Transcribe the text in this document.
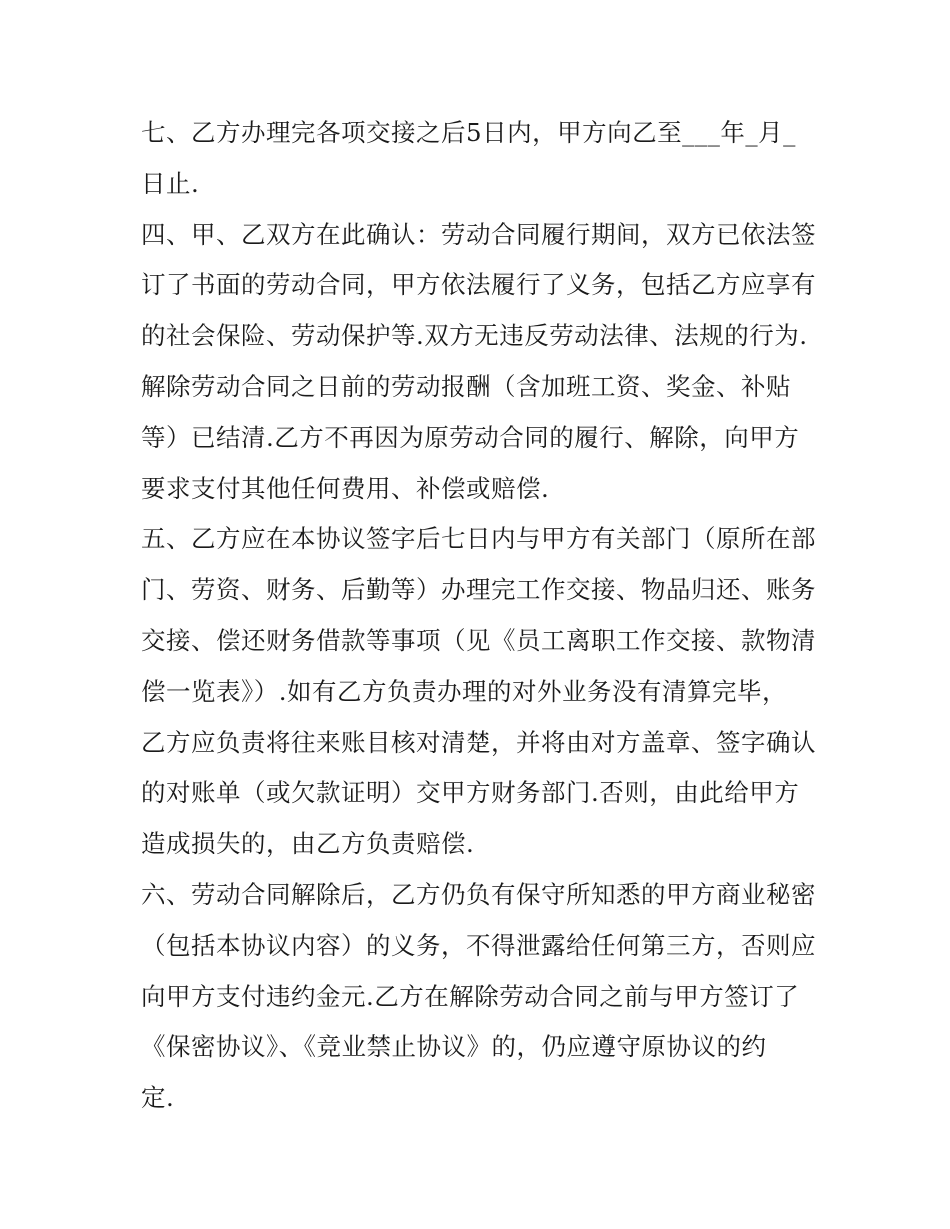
七、乙方办理完各项交接之后5日内，甲方向乙至___年_月_
日止.
四、甲、乙双方在此确认：劳动合同履行期间，双方已依法签
订了书面的劳动合同，甲方依法履行了义务，包括乙方应享有
的社会保险、劳动保护等.双方无违反劳动法律、法规的行为.
解除劳动合同之日前的劳动报酬（含加班工资、奖金、补贴
等）已结清.乙方不再因为原劳动合同的履行、解除，向甲方
要求支付其他任何费用、补偿或赔偿.
五、乙方应在本协议签字后七日内与甲方有关部门（原所在部
门、劳资、财务、后勤等）办理完工作交接、物品归还、账务
交接、偿还财务借款等事项（见《员工离职工作交接、款物清
偿一览表》）.如有乙方负责办理的对外业务没有清算完毕，
乙方应负责将往来账目核对清楚，并将由对方盖章、签字确认
的对账单（或欠款证明）交甲方财务部门.否则，由此给甲方
造成损失的，由乙方负责赔偿.
六、劳动合同解除后，乙方仍负有保守所知悉的甲方商业秘密
（包括本协议内容）的义务，不得泄露给任何第三方，否则应
向甲方支付违约金元.乙方在解除劳动合同之前与甲方签订了
《保密协议》、《竞业禁止协议》的，仍应遵守原协议的约
定.
